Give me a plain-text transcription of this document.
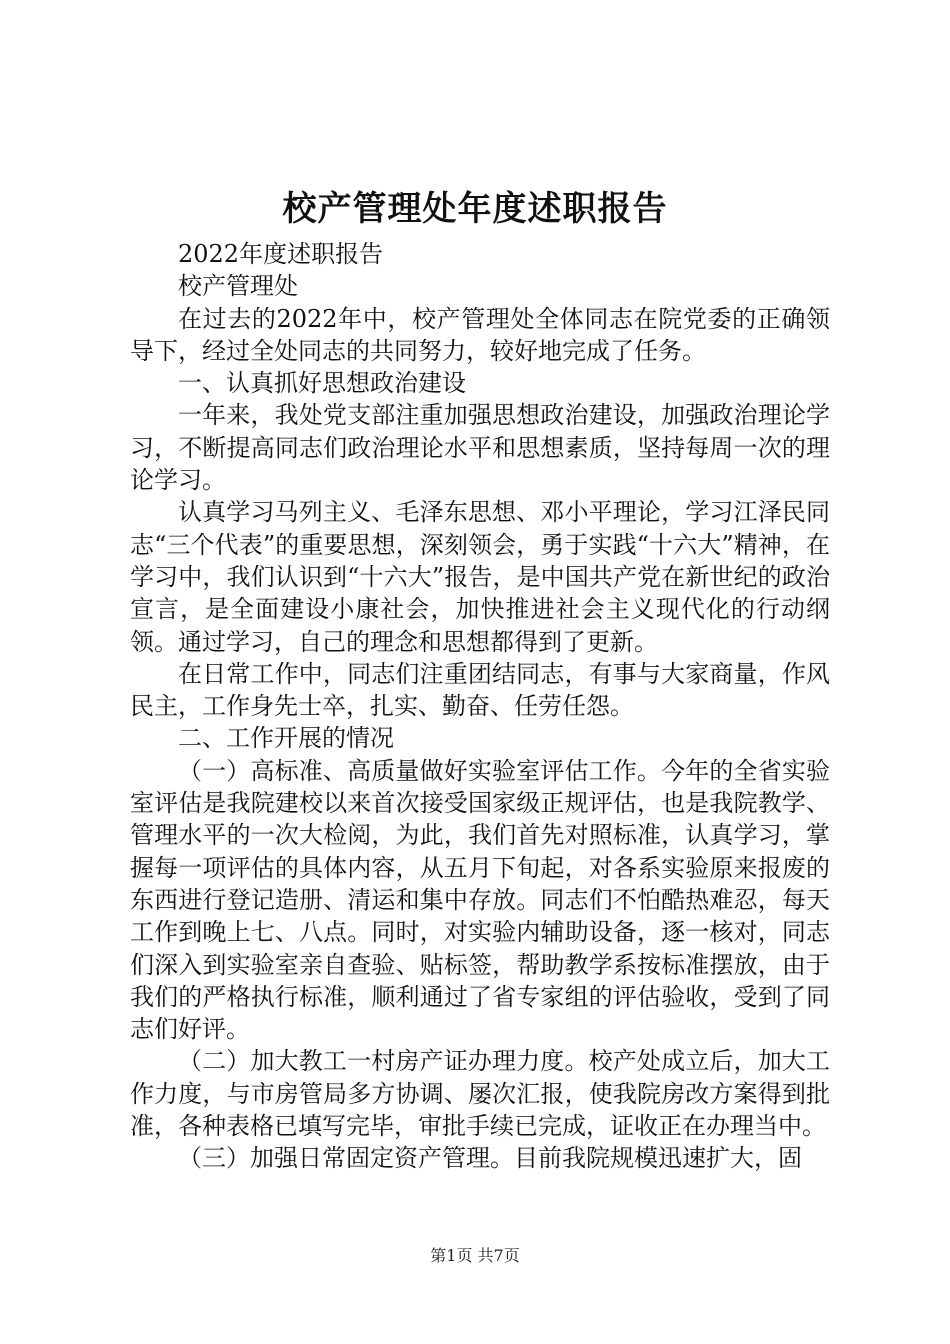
校产管理处年度述职报告

2022年度述职报告

校产管理处

在过去的2022年中，校产管理处全体同志在院党委的正确领导下，经过全处同志的共同努力，较好地完成了任务。

一、认真抓好思想政治建设

一年来，我处党支部注重加强思想政治建设，加强政治理论学习，不断提高同志们政治理论水平和思想素质，坚持每周一次的理论学习。

认真学习马列主义、毛泽东思想、邓小平理论，学习江泽民同志“三个代表”的重要思想，深刻领会，勇于实践“十六大”精神，在学习中，我们认识到“十六大”报告，是中国共产党在新世纪的政治宣言，是全面建设小康社会，加快推进社会主义现代化的行动纲领。通过学习，自己的理念和思想都得到了更新。

在日常工作中，同志们注重团结同志，有事与大家商量，作风民主，工作身先士卒，扎实、勤奋、任劳任怨。

二、工作开展的情况

（一）高标准、高质量做好实验室评估工作。今年的全省实验室评估是我院建校以来首次接受国家级正规评估，也是我院教学、管理水平的一次大检阅，为此，我们首先对照标准，认真学习，掌握每一项评估的具体内容，从五月下旬起，对各系实验原来报废的东西进行登记造册、清运和集中存放。同志们不怕酷热难忍，每天工作到晚上七、八点。同时，对实验内辅助设备，逐一核对，同志们深入到实验室亲自查验、贴标签，帮助教学系按标准摆放，由于我们的严格执行标准，顺利通过了省专家组的评估验收，受到了同志们好评。

（二）加大教工一村房产证办理力度。校产处成立后，加大工作力度，与市房管局多方协调、屡次汇报，使我院房改方案得到批准，各种表格已填写完毕，审批手续已完成，证收正在办理当中。

（三）加强日常固定资产管理。目前我院规模迅速扩大，固

第1页 共7页
